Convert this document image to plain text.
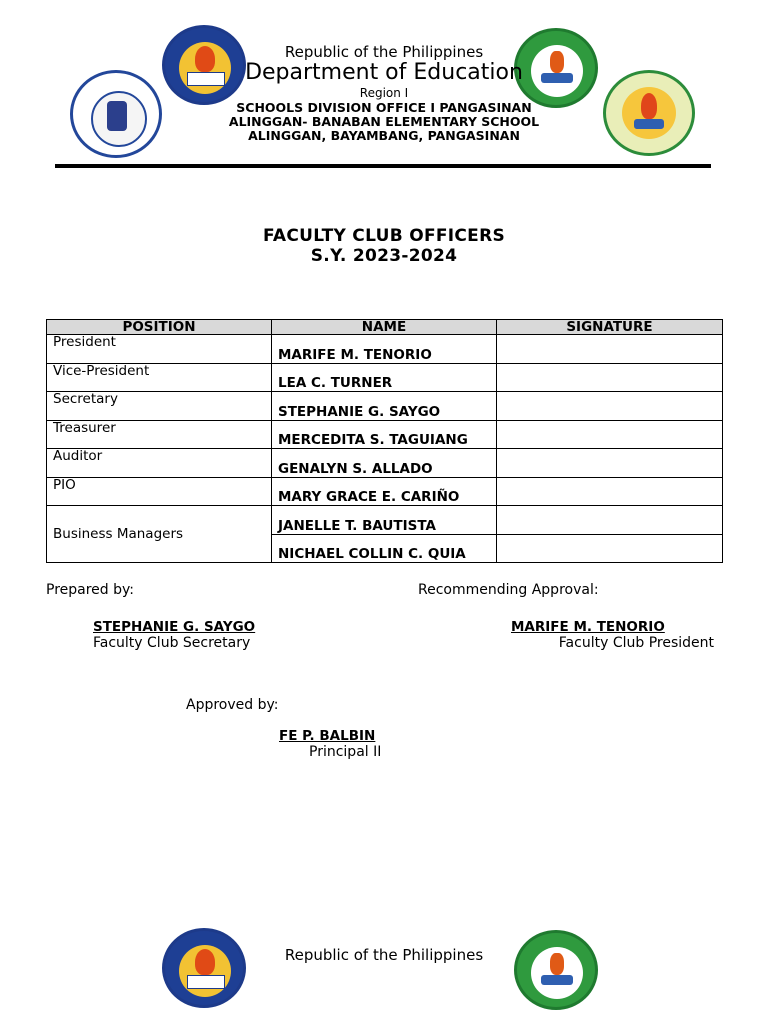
Republic of the Philippines
Department of Education
Region I
SCHOOLS DIVISION OFFICE I PANGASINAN
ALINGGAN- BANABAN ELEMENTARY SCHOOL
ALINGGAN, BAYAMBANG, PANGASINAN
FACULTY CLUB OFFICERS
S.Y. 2023-2024
POSITION	NAME	SIGNATURE
President	MARIFE M. TENORIO	
Vice-President	LEA C. TURNER	
Secretary	STEPHANIE G. SAYGO	
Treasurer	MERCEDITA S. TAGUIANG	
Auditor	GENALYN S. ALLADO	
PIO	MARY GRACE E. CARIÑO	
Business Managers	JANELLE T. BAUTISTA	
	NICHAEL COLLIN C. QUIA	
Prepared by:	Recommending Approval:
STEPHANIE G. SAYGO
Faculty Club Secretary
MARIFE M. TENORIO
Faculty Club President
Approved by:
FE P. BALBIN
Principal II
Republic of the Philippines
